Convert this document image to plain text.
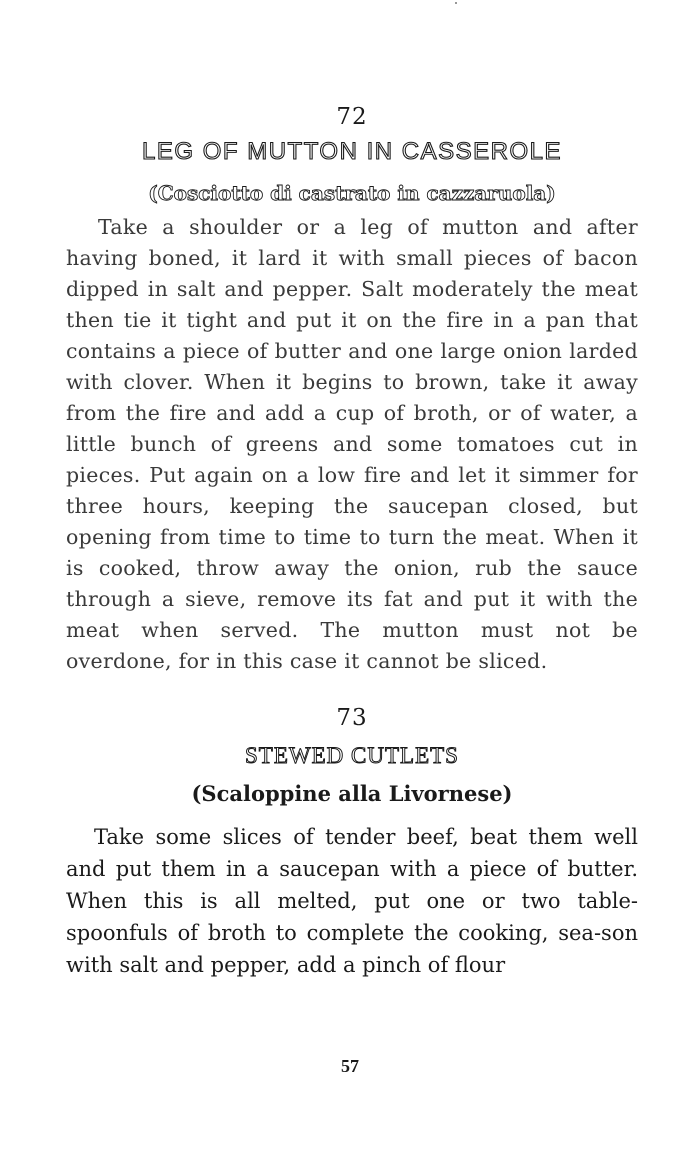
72
LEG OF MUTTON IN CASSEROLE
(Cosciotto di castrato in cazzaruola)

Take a shoulder or a leg of mutton and after having boned, it lard it with small pieces of bacon dipped in salt and pepper. Salt moderately the meat then tie it tight and put it on the fire in a pan that contains a piece of butter and one large onion larded with clover. When it begins to brown, take it away from the fire and add a cup of broth, or of water, a little bunch of greens and some tomatoes cut in pieces. Put again on a low fire and let it simmer for three hours, keeping the saucepan closed, but opening from time to time to turn the meat. When it is cooked, throw away the onion, rub the sauce through a sieve, remove its fat and put it with the meat when served. The mutton must not be overdone, for in this case it cannot be sliced.

73
STEWED CUTLETS
(Scaloppine alla Livornese)

Take some slices of tender beef, beat them well and put them in a saucepan with a piece of butter. When this is all melted, put one or two table-spoonfuls of broth to complete the cooking, sea-son with salt and pepper, add a pinch of flour

57
